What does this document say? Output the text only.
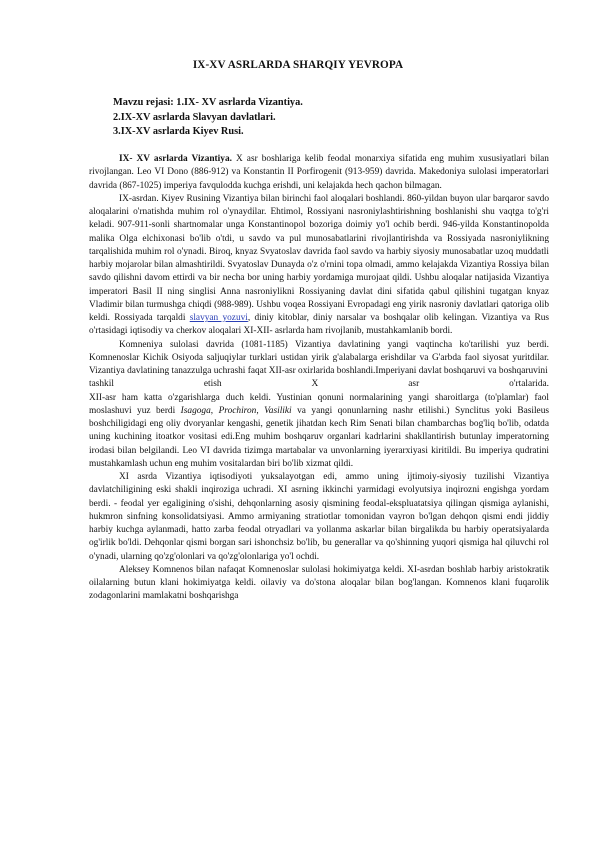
IX-XV ASRLARDA SHARQIY YEVROPA
Mavzu rejasi: 1.IX- XV asrlarda Vizantiya.
2.IX-XV asrlarda Slavyan davlatlari.
3.IX-XV asrlarda Kiyev Rusi.

IX- XV asrlarda Vizantiya. X asr boshlariga kelib feodal monarxiya sifatida eng muhim xususiyatlari bilan rivojlangan. Leo VI Dono (886-912) va Konstantin II Porfirogenit (913-959) davrida. Makedoniya sulolasi imperatorlari davrida (867-1025) imperiya favqulodda kuchga erishdi, uni kelajakda hech qachon bilmagan.

IX-asrdan. Kiyev Rusining Vizantiya bilan birinchi faol aloqalari boshlandi. 860-yildan buyon ular barqaror savdo aloqalarini o'rnatishda muhim rol o'ynaydilar. Ehtimol, Rossiyani nasroniylashtirishning boshlanishi shu vaqtga to'g'ri keladi. 907-911-sonli shartnomalar unga Konstantinopol bozoriga doimiy yo'l ochib berdi. 946-yilda Konstantinopolda malika Olga elchixonasi bo'lib o'tdi, u savdo va pul munosabatlarini rivojlantirishda va Rossiyada nasroniylikning tarqalishida muhim rol o'ynadi. Biroq, knyaz Svyatoslav davrida faol savdo va harbiy siyosiy munosabatlar uzoq muddatli harbiy mojarolar bilan almashtirildi. Svyatoslav Dunayda o'z o'rnini topa olmadi, ammo kelajakda Vizantiya Rossiya bilan savdo qilishni davom ettirdi va bir necha bor uning harbiy yordamiga murojaat qildi. Ushbu aloqalar natijasida Vizantiya imperatori Basil II ning singlisi Anna nasroniylikni Rossiyaning davlat dini sifatida qabul qilishini tugatgan knyaz Vladimir bilan turmushga chiqdi (988-989). Ushbu voqea Rossiyani Evropadagi eng yirik nasroniy davlatlari qatoriga olib keldi. Rossiyada tarqaldi slavyan yozuvi, diniy kitoblar, diniy narsalar va boshqalar olib kelingan. Vizantiya va Rus o'rtasidagi iqtisodiy va cherkov aloqalari XI-XII- asrlarda ham rivojlanib, mustahkamlanib bordi.

Komneniya sulolasi davrida (1081-1185) Vizantiya davlatining yangi vaqtincha ko'tarilishi yuz berdi. Komnenoslar Kichik Osiyoda saljuqiylar turklari ustidan yirik g'alabalarga erishdilar va G'arbda faol siyosat yuritdilar. Vizantiya davlatining tanazzulga uchrashi faqat XII-asr oxirlarida boshlandi.Imperiyani davlat boshqaruvi va boshqaruvini

tashkil	etish	X	asr	o'rtalarida.

XII-asr ham katta o'zgarishlarga duch keldi. Yustinian qonuni normalarining yangi sharoitlarga (to'plamlar) faol moslashuvi yuz berdi Isagoga, Prochiron, Vasilikі va yangi qonunlarning nashr etilishi.) Synclitus yoki Basileus boshchiligidagi eng oliy dvoryanlar kengashi, genetik jihatdan kech Rim Senati bilan chambarchas bog'liq bo'lib, odatda uning kuchining itoatkor vositasi edi.Eng muhim boshqaruv organlari kadrlarini shakllantirish butunlay imperatorning irodasi bilan belgilandi. Leo VI davrida tizimga martabalar va unvonlarning iyerarxiyasi kiritildi. Bu imperiya qudratini mustahkamlash uchun eng muhim vositalardan biri bo'lib xizmat qildi.

XI asrda Vizantiya iqtisodiyoti yuksalayotgan edi, ammo uning ijtimoiy-siyosiy tuzilishi Vizantiya davlatchiligining eski shakli inqiroziga uchradi. XI asrning ikkinchi yarmidagi evolyutsiya inqirozni engishga yordam berdi. - feodal yer egaligining o'sishi, dehqonlarning asosiy qismining feodal-ekspluatatsiya qilingan qismiga aylanishi, hukmron sinfning konsolidatsiyasi. Ammo armiyaning stratiotlar tomonidan vayron bo'lgan dehqon qismi endi jiddiy harbiy kuchga aylanmadi, hatto zarba feodal otryadlari va yollanma askarlar bilan birgalikda bu harbiy operatsiyalarda og'irlik bo'ldi. Dehqonlar qismi borgan sari ishonchsiz bo'lib, bu generallar va qo'shinning yuqori qismiga hal qiluvchi rol o'ynadi, ularning qo'zg'olonlari va qo'zg'olonlariga yo'l ochdi.

Aleksey Komnenos bilan nafaqat Komnenoslar sulolasi hokimiyatga keldi. XI-asrdan boshlab harbiy aristokratik oilalarning butun klani hokimiyatga keldi. oilaviy va do'stona aloqalar bilan bog'langan. Komnenos klani fuqarolik zodagonlarini mamlakatni boshqarishga
